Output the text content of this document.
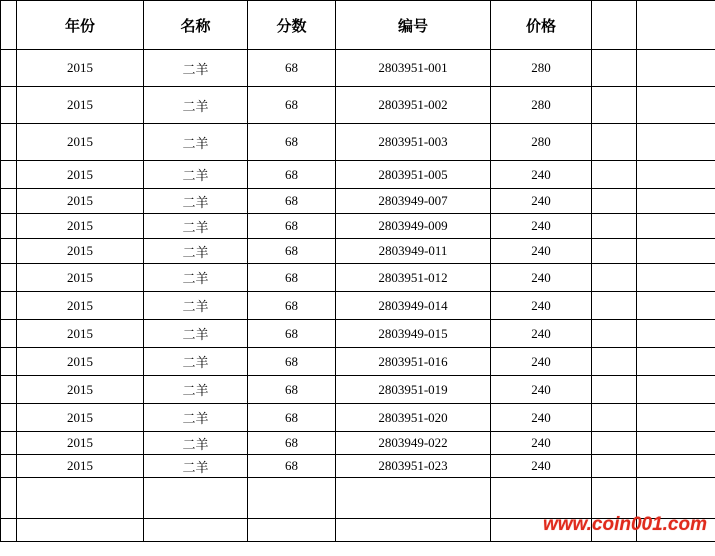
	年份	名称	分数	编号	价格		
	2015	二羊	68	2803951-001	280		
	2015	二羊	68	2803951-002	280		
	2015	二羊	68	2803951-003	280		
	2015	二羊	68	2803951-005	240		
	2015	二羊	68	2803949-007	240		
	2015	二羊	68	2803949-009	240		
	2015	二羊	68	2803949-011	240		
	2015	二羊	68	2803951-012	240		
	2015	二羊	68	2803949-014	240		
	2015	二羊	68	2803949-015	240		
	2015	二羊	68	2803951-016	240		
	2015	二羊	68	2803951-019	240		
	2015	二羊	68	2803951-020	240		
	2015	二羊	68	2803949-022	240		
	2015	二羊	68	2803951-023	240		

www.coin001.com
